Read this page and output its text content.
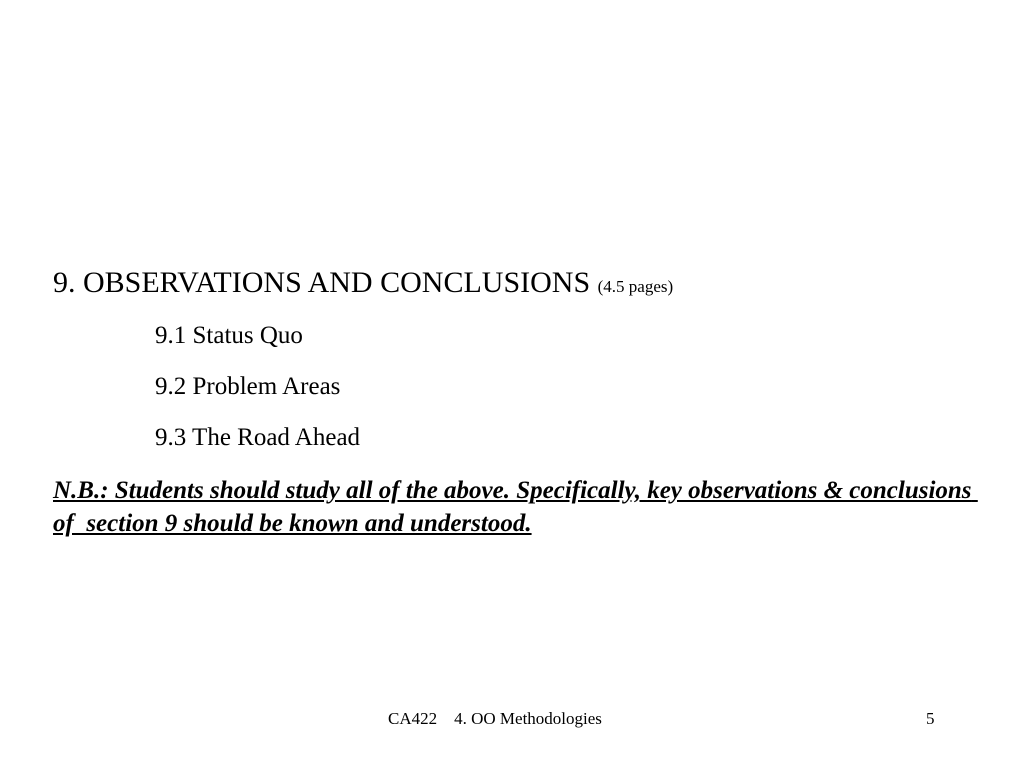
9. OBSERVATIONS AND CONCLUSIONS (4.5 pages)
9.1 Status Quo
9.2 Problem Areas
9.3 The Road Ahead
N.B.: Students should study all of the above. Specifically, key observations & conclusions of  section 9 should be known and understood.
CA422    4. OO Methodologies	5
